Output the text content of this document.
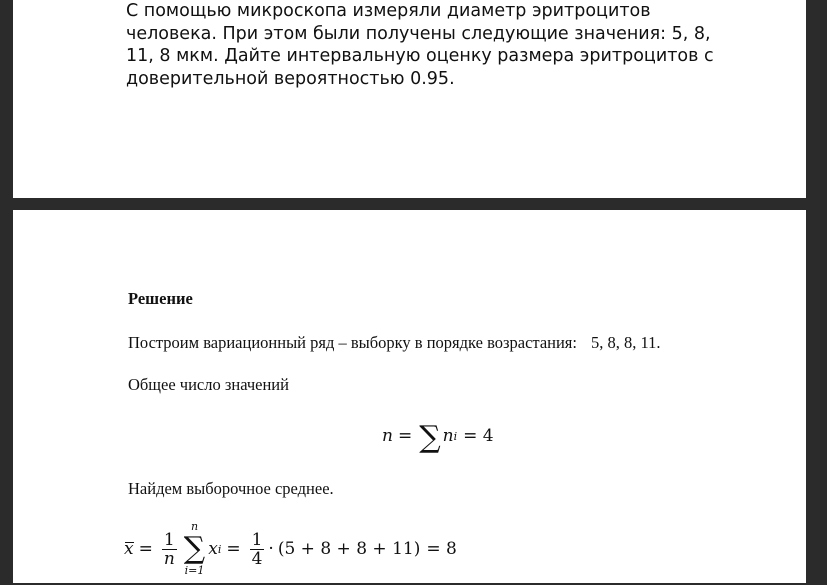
С помощью микроскопа измеряли диаметр эритроцитов человека. При этом были получены следующие значения: 5, 8, 11, 8 мкм. Дайте интервальную оценку размера эритроцитов с доверительной вероятностью 0.95.

Решение

Построим вариационный ряд – выборку в порядке возрастания: 5, 8, 8, 11.

Общее число значений

n = ∑ n i = 4

Найдем выборочное среднее.

$x = \frac{1}{n}$
n
∑
i=1
x $i = \frac{1}{4} \cdot (5 + 8 + 8 + 11) = 8$
